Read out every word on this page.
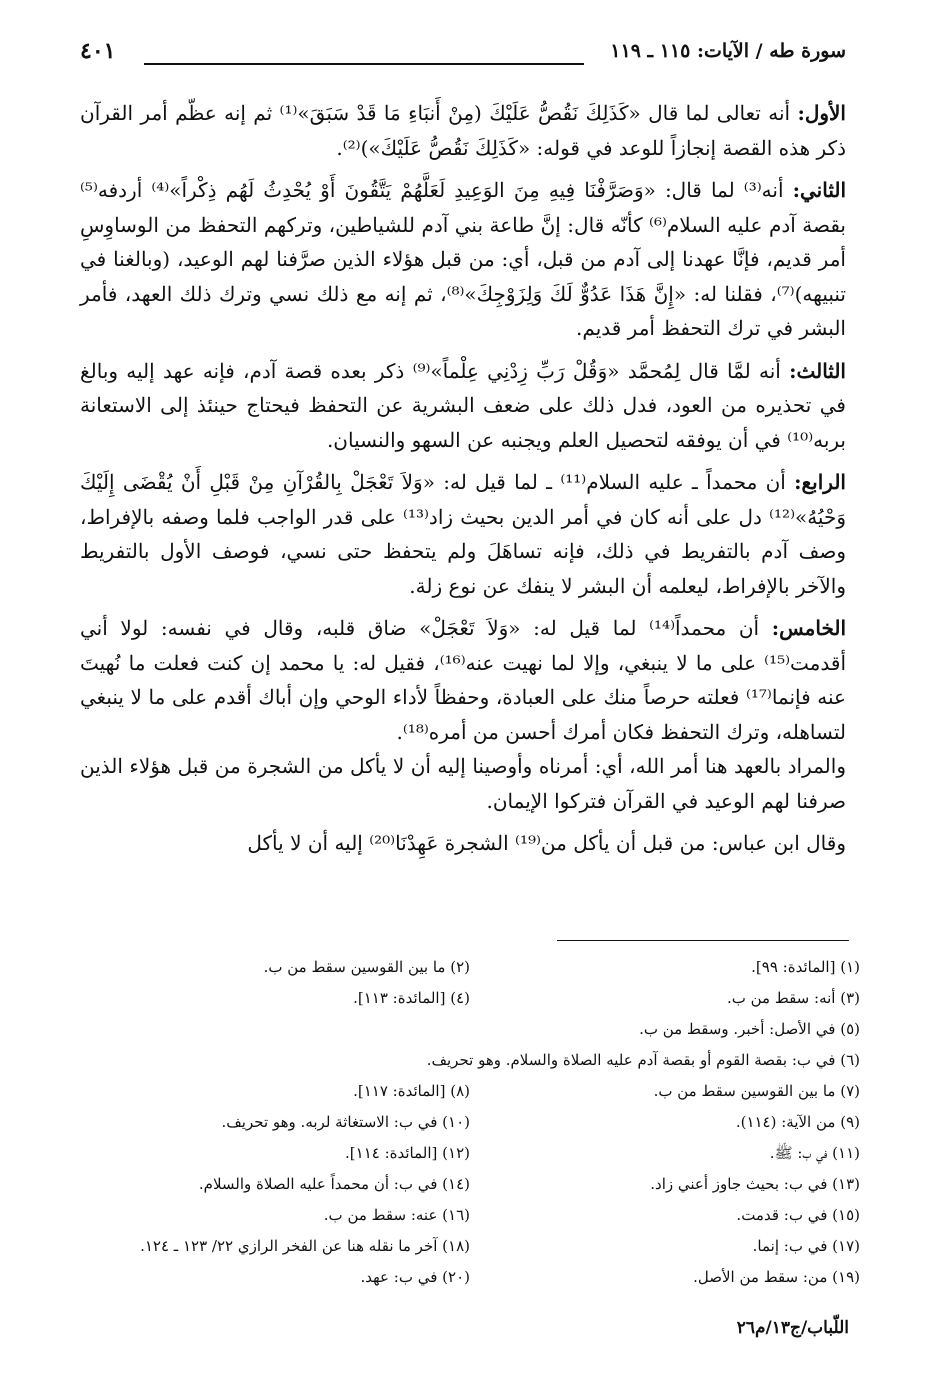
سورة طه / الآيات: ١١٥ ـ ١١٩
٤٠١

الأول: أنه تعالى لما قال «كَذَلِكَ نَقُصُّ عَلَيْكَ (مِنْ أَنبَاءِ مَا قَدْ سَبَقَ»⁽¹⁾ ثم إنه عظّم أمر القرآن ذكر هذه القصة إنجازاً للوعد في قوله: «كَذَلِكَ نَقُصُّ عَلَيْكَ»)⁽²⁾.

الثاني: أنه⁽³⁾ لما قال: «وَصَرَّفْنَا فِيهِ مِنَ الوَعِيدِ لَعَلَّهُمْ يَتَّقُونَ أَوْ يُحْدِثُ لَهُم ذِكْراً»⁽⁴⁾ أردفه⁽⁵⁾ بقصة آدم عليه السلام⁽⁶⁾ كأنّه قال: إنَّ طاعة بني آدم للشياطين، وتركهم التحفظ من الوساوِسِ أمر قديم، فإنَّا عهدنا إلى آدم من قبل، أي: من قبل هؤلاء الذين صرَّفنا لهم الوعيد، (وبالغنا في تنبيهه)⁽⁷⁾، فقلنا له: «إِنَّ هَذَا عَدُوٌّ لَكَ وَلِزَوْجِكَ»⁽⁸⁾، ثم إنه مع ذلك نسي وترك ذلك العهد، فأمر البشر في ترك التحفظ أمر قديم.

الثالث: أنه لمَّا قال لِمُحمَّد «وَقُلْ رَبِّ زِدْنِي عِلْماً»⁽⁹⁾ ذكر بعده قصة آدم، فإنه عهد إليه وبالغ في تحذيره من العود، فدل ذلك على ضعف البشرية عن التحفظ فيحتاج حينئذ إلى الاستعانة بربه⁽¹⁰⁾ في أن يوفقه لتحصيل العلم ويجنبه عن السهو والنسيان.

الرابع: أن محمداً ـ عليه السلام⁽¹¹⁾ ـ لما قيل له: «وَلاَ تَعْجَلْ بِالقُرْآنِ مِنْ قَبْلِ أَنْ يُقْضَى إِلَيْكَ وَحْيُهُ»⁽¹²⁾ دل على أنه كان في أمر الدين بحيث زاد⁽¹³⁾ على قدر الواجب فلما وصفه بالإفراط، وصف آدم بالتفريط في ذلك، فإنه تساهَلَ ولم يتحفظ حتى نسي، فوصف الأول بالتفريط والآخر بالإفراط، ليعلمه أن البشر لا ينفك عن نوع زلة.

الخامس: أن محمداً⁽¹⁴⁾ لما قيل له: «وَلاَ تَعْجَلْ» ضاق قلبه، وقال في نفسه: لولا أني أقدمت⁽¹⁵⁾ على ما لا ينبغي، وإلا لما نهيت عنه⁽¹⁶⁾، فقيل له: يا محمد إن كنت فعلت ما نُهيتَ عنه فإنما⁽¹⁷⁾ فعلته حرصاً منك على العبادة، وحفظاً لأداء الوحي وإن أباك أقدم على ما لا ينبغي لتساهله، وترك التحفظ فكان أمرك أحسن من أمره⁽¹⁸⁾.

والمراد بالعهد هنا أمر الله، أي: أمرناه وأوصينا إليه أن لا يأكل من الشجرة من قبل هؤلاء الذين صرفنا لهم الوعيد في القرآن فتركوا الإيمان.

وقال ابن عباس: من قبل أن يأكل من⁽¹⁹⁾ الشجرة عَهِدْنَا⁽²⁰⁾ إليه أن لا يأكل

(١) [المائدة: ٩٩].
(٢) ما بين القوسين سقط من ب.
(٣) أنه: سقط من ب.
(٤) [المائدة: ١١٣].
(٥) في الأصل: أخبر. وسقط من ب.
(٦) في ب: بقصة القوم أو بقصة آدم عليه الصلاة والسلام. وهو تحريف.
(٧) ما بين القوسين سقط من ب.
(٨) [المائدة: ١١٧].
(٩) من الآية: (١١٤).
(١٠) في ب: الاستغاثة لربه. وهو تحريف.
(١١) في ب: ﷺ.
(١٢) [المائدة: ١١٤].
(١٣) في ب: بحيث جاوز أعني زاد.
(١٤) في ب: أن محمداً عليه الصلاة والسلام.
(١٥) في ب: قدمت.
(١٦) عنه: سقط من ب.
(١٧) في ب: إنما.
(١٨) آخر ما نقله هنا عن الفخر الرازي ٢٢/ ١٢٣ ـ ١٢٤.
(١٩) من: سقط من الأصل.
(٢٠) في ب: عهد.
اللّباب/ج١٣/م٢٦
